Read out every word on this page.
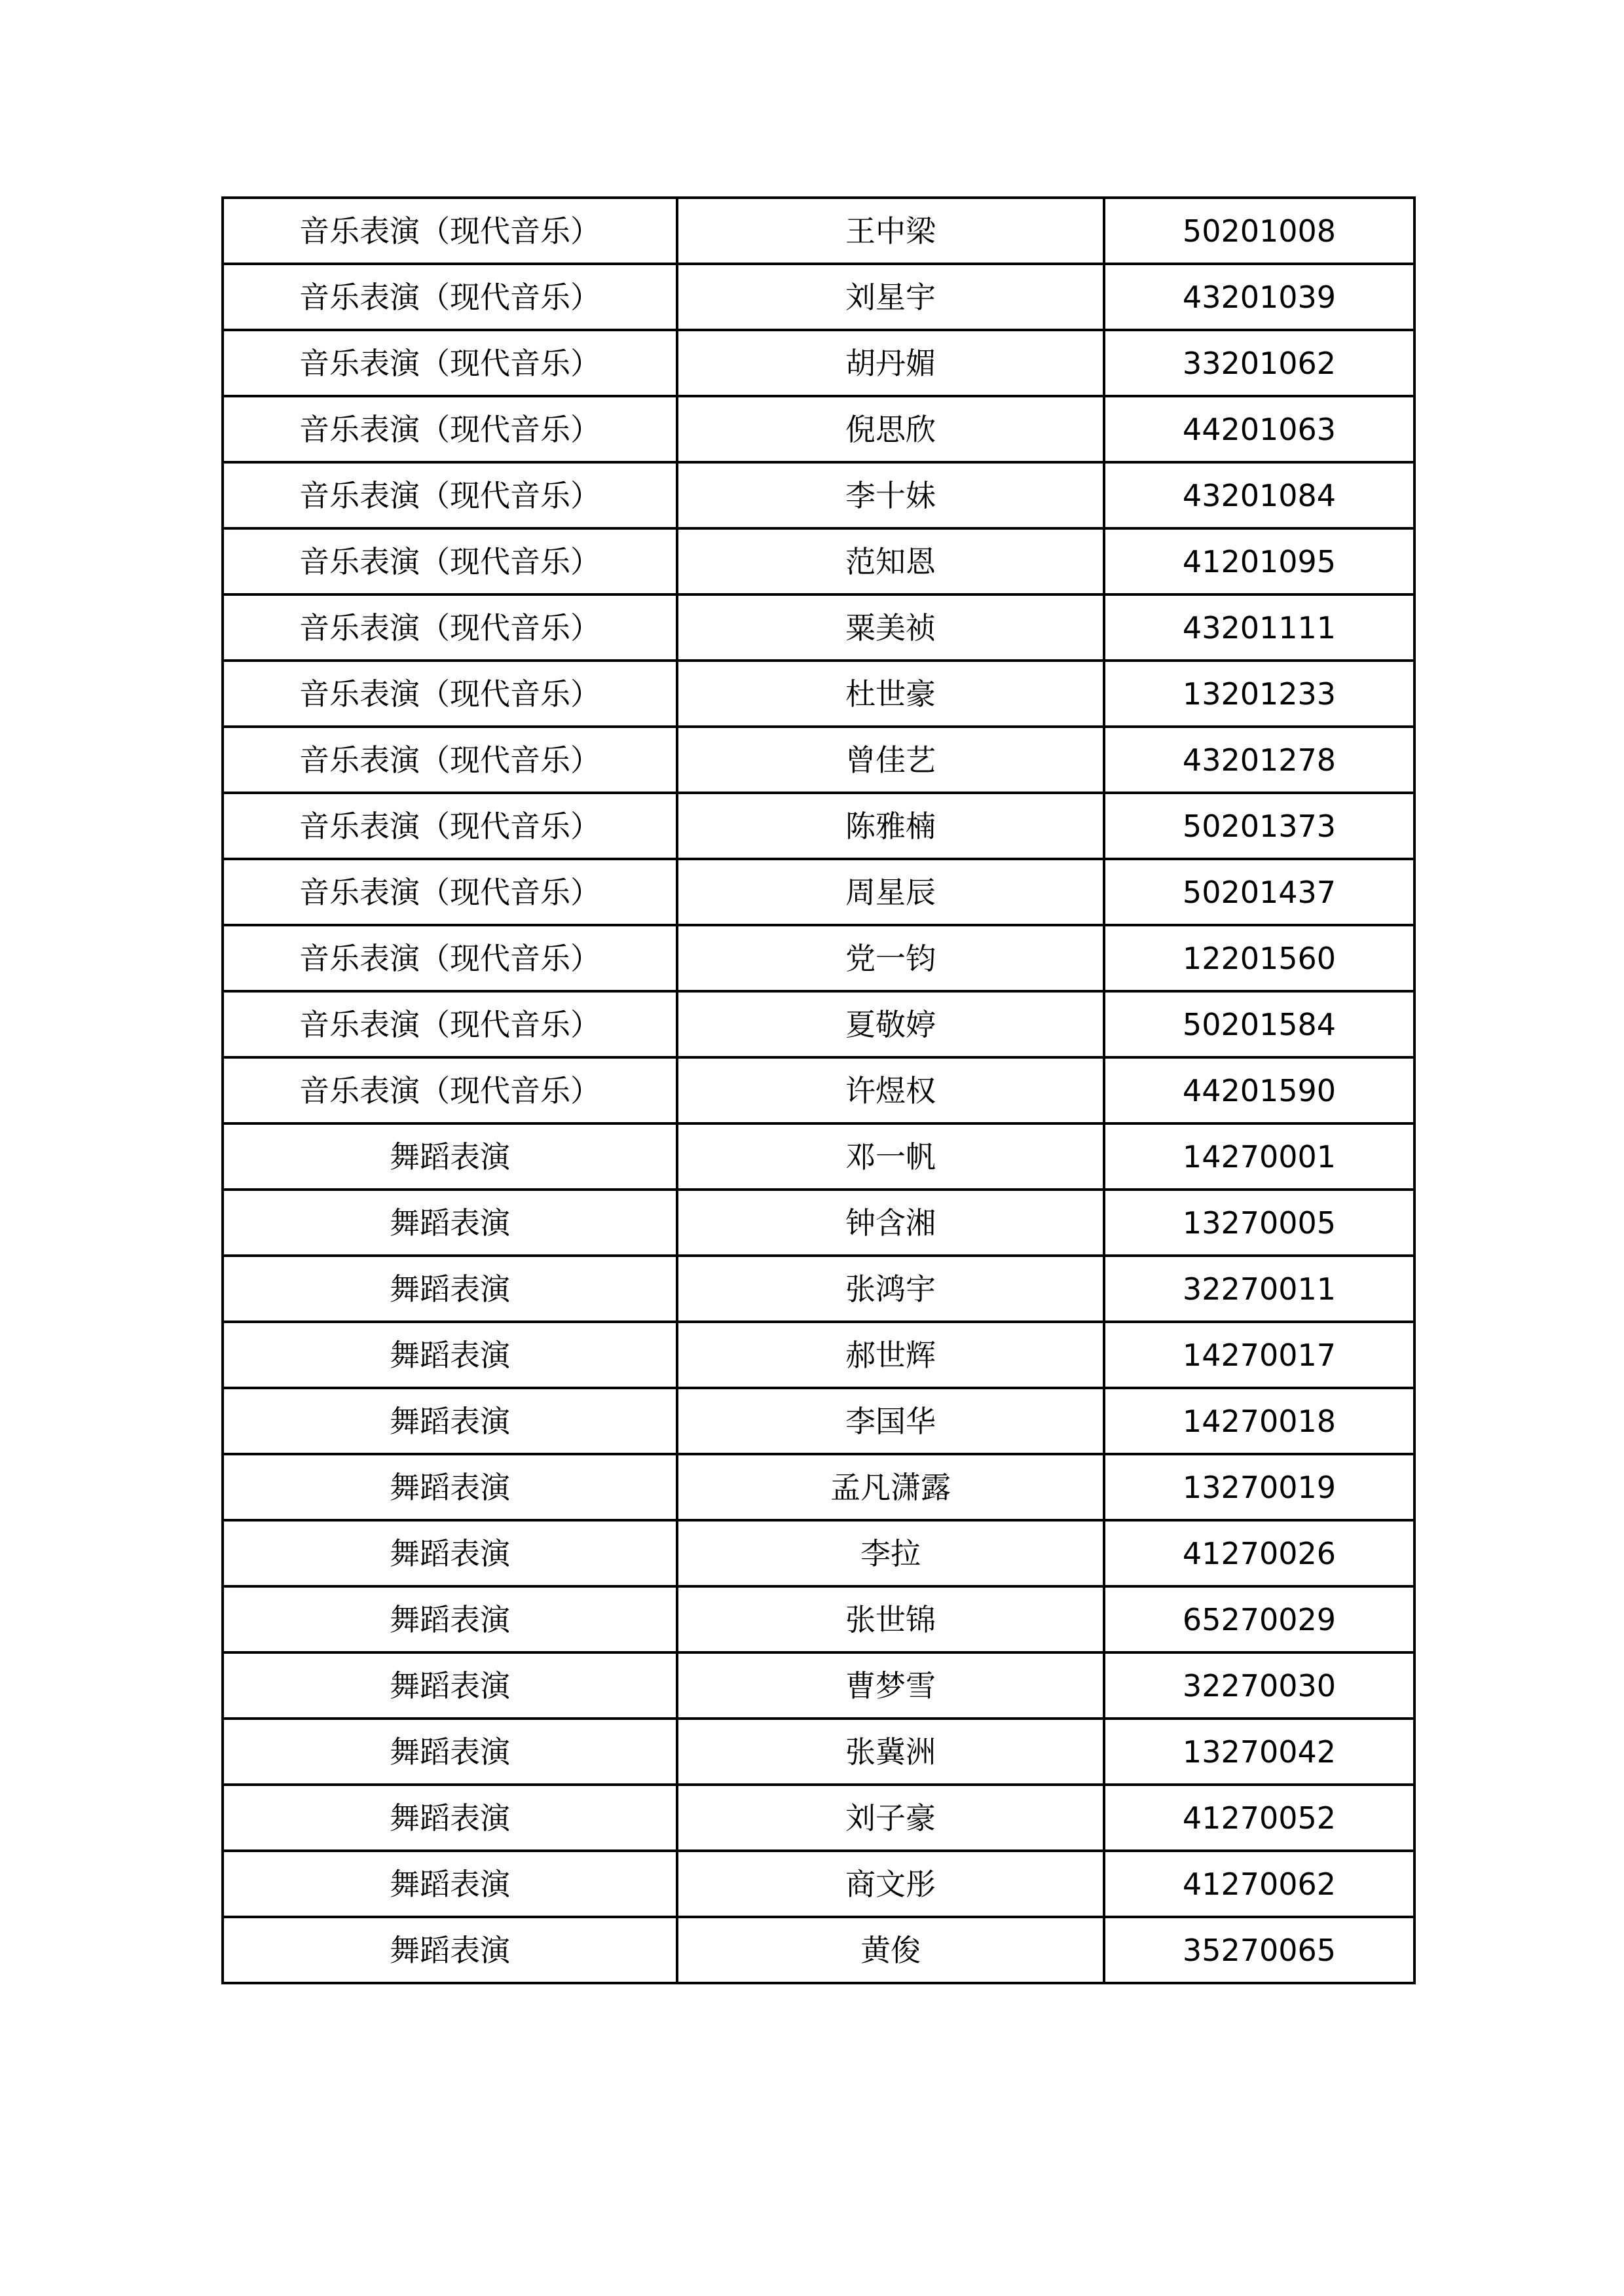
音乐表演（现代音乐）	王中梁	50201008
音乐表演（现代音乐）	刘星宇	43201039
音乐表演（现代音乐）	胡丹媚	33201062
音乐表演（现代音乐）	倪思欣	44201063
音乐表演（现代音乐）	李十妹	43201084
音乐表演（现代音乐）	范知恩	41201095
音乐表演（现代音乐）	粟美祯	43201111
音乐表演（现代音乐）	杜世豪	13201233
音乐表演（现代音乐）	曾佳艺	43201278
音乐表演（现代音乐）	陈雅楠	50201373
音乐表演（现代音乐）	周星辰	50201437
音乐表演（现代音乐）	党一钧	12201560
音乐表演（现代音乐）	夏敬婷	50201584
音乐表演（现代音乐）	许煜权	44201590
舞蹈表演	邓一帆	14270001
舞蹈表演	钟含湘	13270005
舞蹈表演	张鸿宇	32270011
舞蹈表演	郝世辉	14270017
舞蹈表演	李国华	14270018
舞蹈表演	孟凡潇露	13270019
舞蹈表演	李拉	41270026
舞蹈表演	张世锦	65270029
舞蹈表演	曹梦雪	32270030
舞蹈表演	张冀洲	13270042
舞蹈表演	刘子豪	41270052
舞蹈表演	商文彤	41270062
舞蹈表演	黄俊	35270065
